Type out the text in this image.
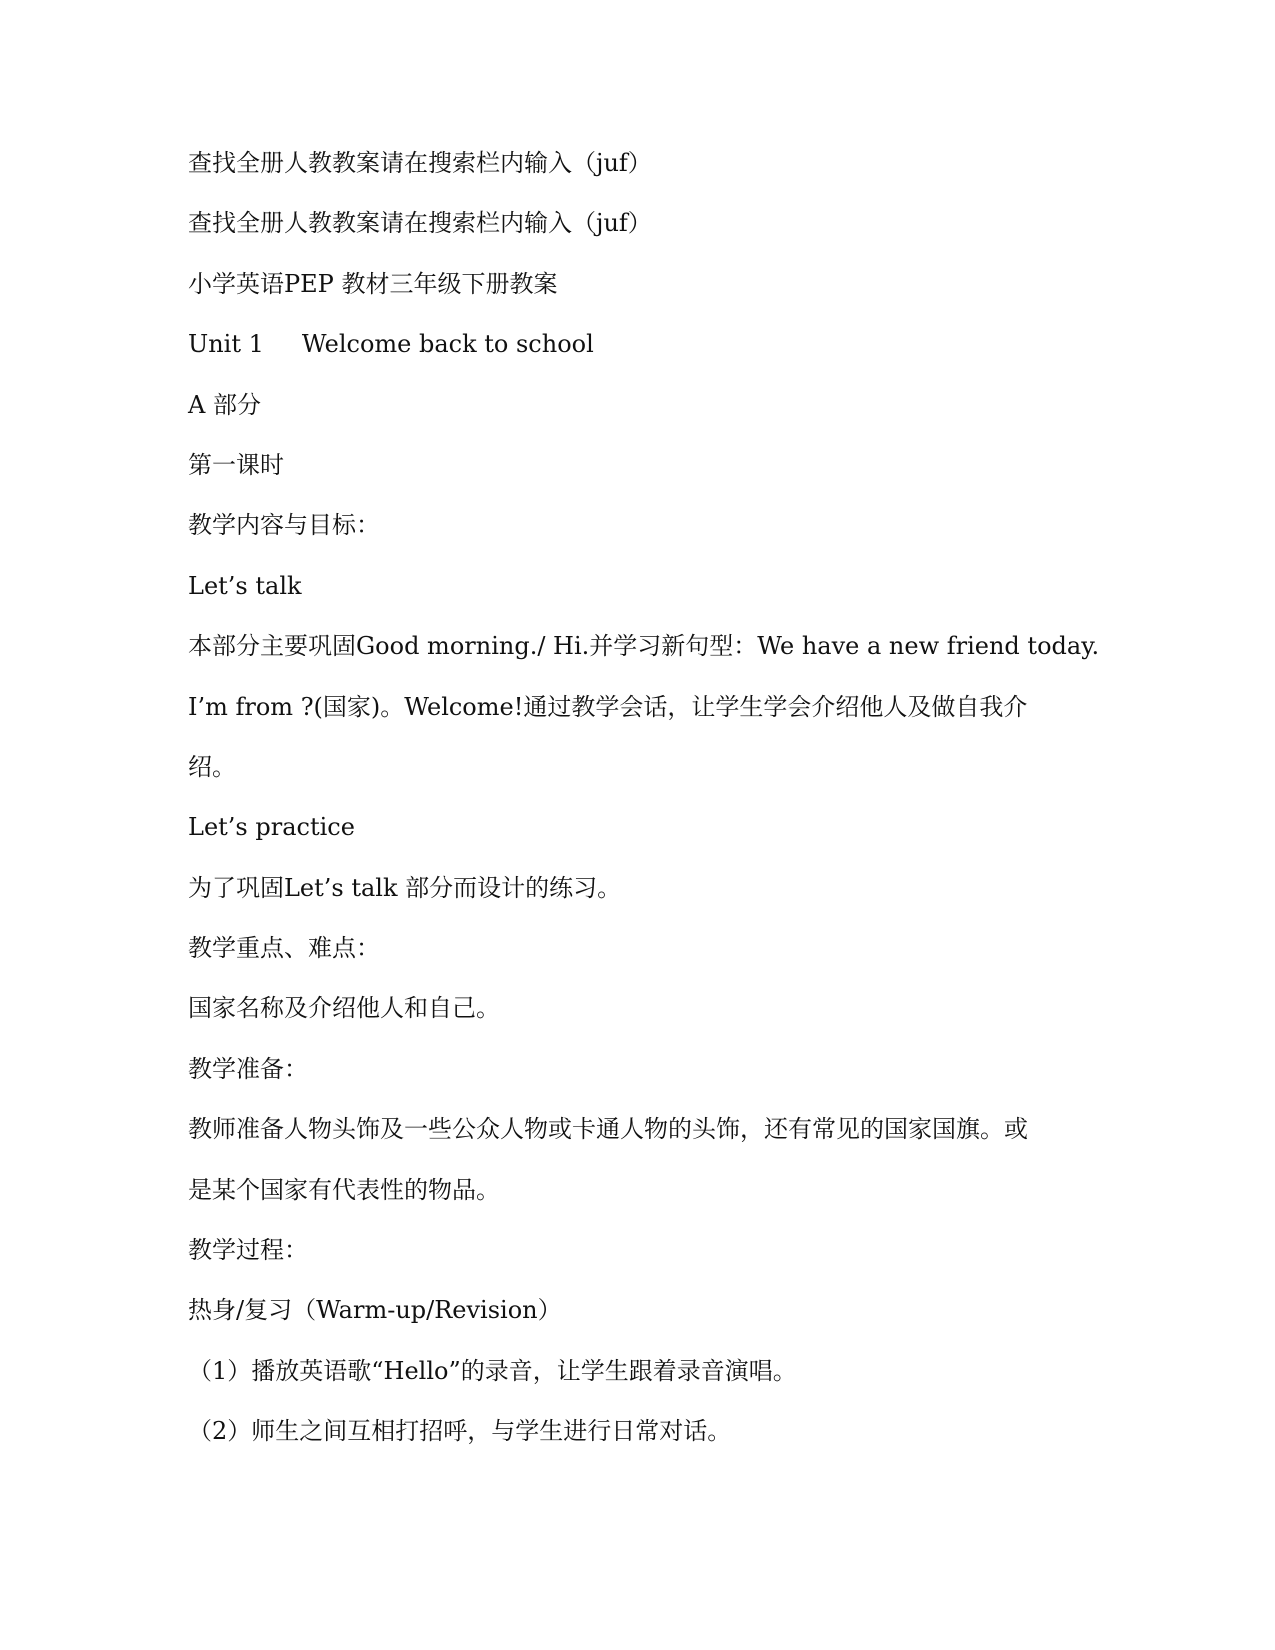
查找全册人教教案请在搜索栏内输入（juf）
查找全册人教教案请在搜索栏内输入（juf）
小学英语PEP 教材三年级下册教案
Unit 1 Welcome back to school
A 部分
第一课时
教学内容与目标：
Let’s talk
本部分主要巩固Good morning./ Hi.并学习新句型：We have a new friend today.
I’m from ?(国家)。Welcome!通过教学会话，让学生学会介绍他人及做自我介
绍。
Let’s practice
为了巩固Let’s talk 部分而设计的练习。
教学重点、难点：
国家名称及介绍他人和自己。
教学准备：
教师准备人物头饰及一些公众人物或卡通人物的头饰，还有常见的国家国旗。或
是某个国家有代表性的物品。
教学过程：
热身/复习（Warm-up/Revision）
（1）播放英语歌“Hello”的录音，让学生跟着录音演唱。
（2）师生之间互相打招呼，与学生进行日常对话。
